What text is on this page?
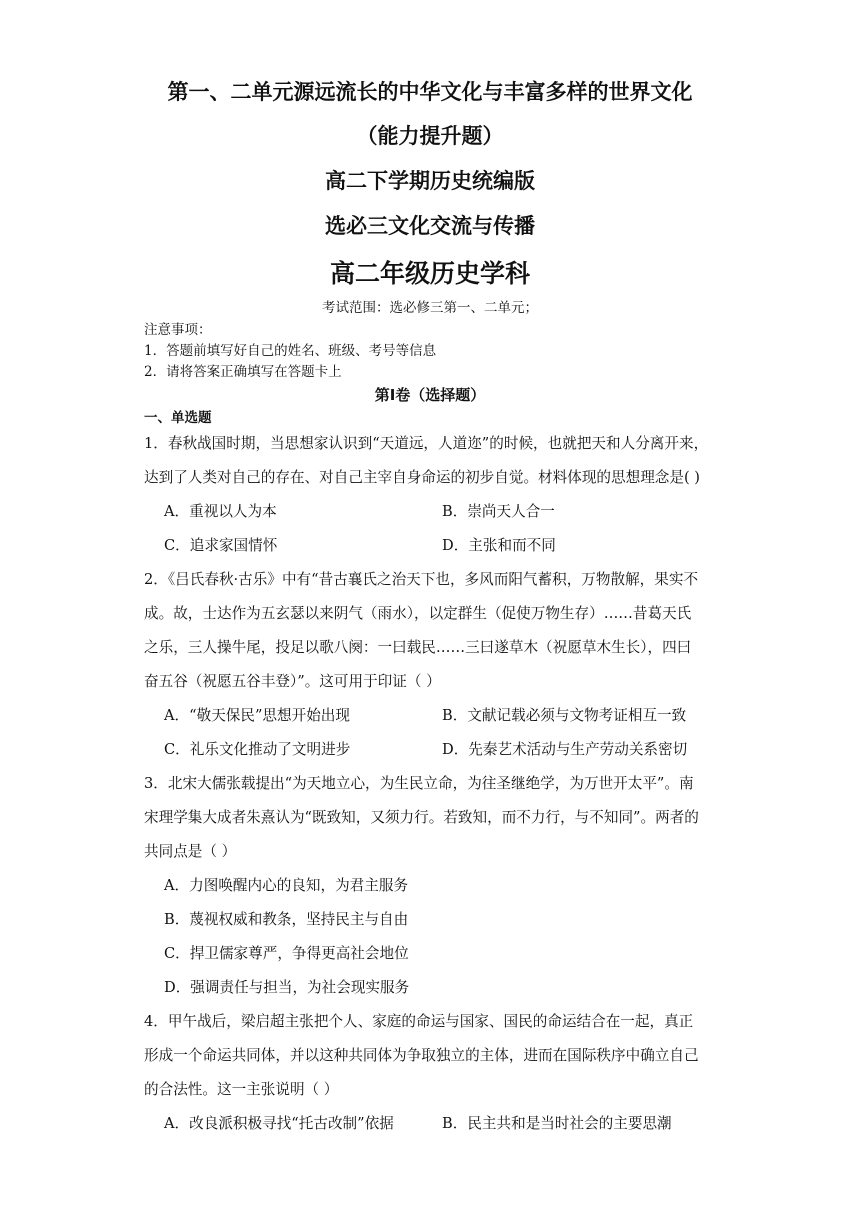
第一、二单元源远流长的中华文化与丰富多样的世界文化
（能力提升题）
高二下学期历史统编版
选必三文化交流与传播
高二年级历史学科
考试范围：选必修三第一、二单元；
注意事项：
1．答题前填写好自己的姓名、班级、考号等信息
2．请将答案正确填写在答题卡上
第Ⅰ卷（选择题）
一、单选题
1．春秋战国时期，当思想家认识到“天道远，人道迩”的时候，也就把天和人分离开来，
达到了人类对自己的存在、对自己主宰自身命运的初步自觉。材料体现的思想理念是( )
A．重视以人为本	B．崇尚天人合一
C．追求家国情怀	D．主张和而不同
2．《吕氏春秋·古乐》中有“昔古襄氏之治天下也，多风而阳气蓄积，万物散解，果实不
成。故，士达作为五玄瑟以来阴气（雨水），以定群生（促使万物生存）……昔葛天氏
之乐，三人操牛尾，投足以歌八阕：一曰载民……三曰遂草木（祝愿草木生长），四曰
奋五谷（祝愿五谷丰登）”。这可用于印证（ ）
A．“敬天保民”思想开始出现	B．文献记载必须与文物考证相互一致
C．礼乐文化推动了文明进步	D．先秦艺术活动与生产劳动关系密切
3．北宋大儒张载提出“为天地立心，为生民立命，为往圣继绝学，为万世开太平”。南
宋理学集大成者朱熹认为“既致知，又须力行。若致知，而不力行，与不知同”。两者的
共同点是（ ）
A．力图唤醒内心的良知，为君主服务
B．蔑视权威和教条，坚持民主与自由
C．捍卫儒家尊严，争得更高社会地位
D．强调责任与担当，为社会现实服务
4．甲午战后，梁启超主张把个人、家庭的命运与国家、国民的命运结合在一起，真正
形成一个命运共同体，并以这种共同体为争取独立的主体，进而在国际秩序中确立自己
的合法性。这一主张说明（ ）
A．改良派积极寻找“托古改制”依据	B．民主共和是当时社会的主要思潮
